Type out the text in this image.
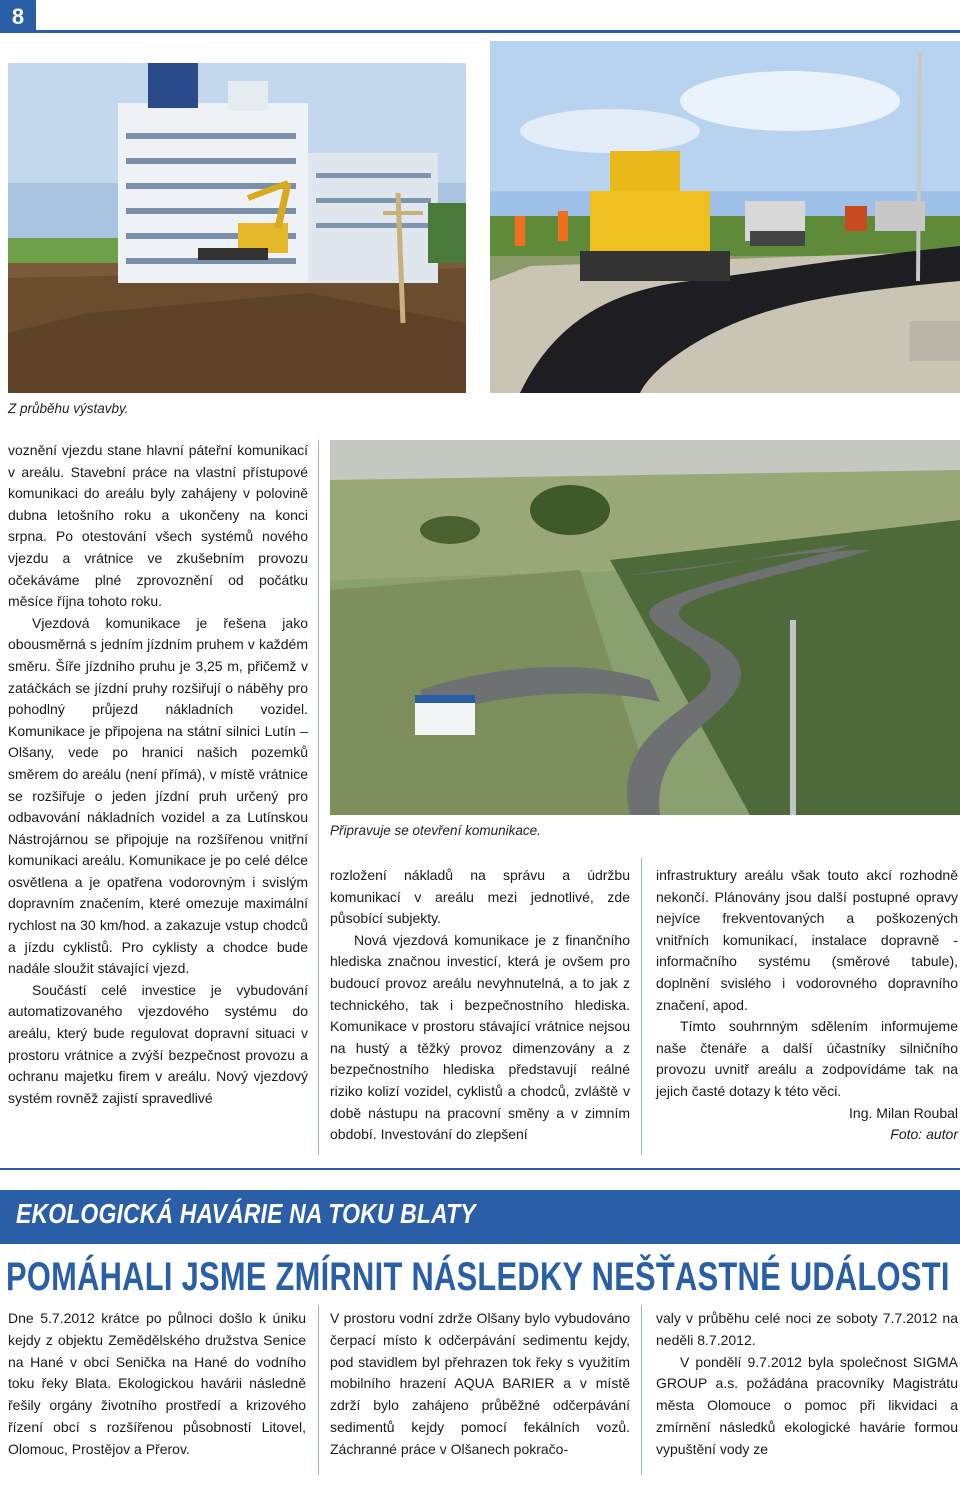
8
Z průběhu výstavby.

voznění vjezdu stane hlavní páteřní komunikací v areálu. Stavební práce na vlastní přístupové komunikaci do areálu byly zahájeny v polovině dubna letošního roku a ukončeny na konci srpna. Po otestování všech systémů nového vjezdu a vrátnice ve zkušebním provozu očekáváme plné zprovoznění od počátku měsíce října tohoto roku.

Vjezdová komunikace je řešena jako obousměrná s jedním jízdním pruhem v každém směru. Šíře jízdního pruhu je 3,25 m, přičemž v zatáčkách se jízdní pruhy rozšiřují o náběhy pro pohodlný průjezd nákladních vozidel. Komunikace je připojena na státní silnici Lutín – Olšany, vede po hranici našich pozemků směrem do areálu (není přímá), v místě vrátnice se rozšiřuje o jeden jízdní pruh určený pro odbavování nákladních vozidel a za Lutínskou Nástrojárnou se připojuje na rozšířenou vnitřní komunikaci areálu. Komunikace je po celé délce osvětlena a je opatřena vodorovným i svislým dopravním značením, které omezuje maximální rychlost na 30 km/hod. a zakazuje vstup chodců a jízdu cyklistů. Pro cyklisty a chodce bude nadále sloužit stávající vjezd.

Součástí celé investice je vybudování automatizovaného vjezdového systému do areálu, který bude regulovat dopravní situaci v prostoru vrátnice a zvýší bezpečnost provozu a ochranu majetku firem v areálu. Nový vjezdový systém rovněž zajistí spravedlivé

Připravuje se otevření komunikace.

rozložení nákladů na správu a údržbu komunikací v areálu mezi jednotlivé, zde působící subjekty.

Nová vjezdová komunikace je z finančního hlediska značnou investicí, která je ovšem pro budoucí provoz areálu nevyhnutelná, a to jak z technického, tak i bezpečnostního hlediska. Komunikace v prostoru stávající vrátnice nejsou na hustý a těžký provoz dimenzovány a z bezpečnostního hlediska představují reálné riziko kolizí vozidel, cyklistů a chodců, zvláště v době nástupu na pracovní směny a v zimním období. Investování do zlepšení

infrastruktury areálu však touto akcí rozhodně nekončí. Plánovány jsou další postupné opravy nejvíce frekventovaných a poškozených vnitřních komunikací, instalace dopravně - informačního systému (směrové tabule), doplnění svislého i vodorovného dopravního značení, apod.

Tímto souhrnným sdělením informujeme naše čtenáře a další účastníky silničního provozu uvnitř areálu a zodpovídáme tak na jejich časté dotazy k této věci.

Ing. Milan Roubal

Foto: autor

EKOLOGICKÁ HAVÁRIE NA TOKU BLATY
POMÁHALI JSME ZMÍRNIT NÁSLEDKY NEŠŤASTNÉ UDÁLOSTI

Dne 5.7.2012 krátce po půlnoci došlo k úniku kejdy z objektu Zemědělského družstva Senice na Hané v obci Senička na Hané do vodního toku řeky Blata. Ekologickou havárii následně řešily orgány životního prostředí a krizového řízení obcí s rozšířenou působností Litovel, Olomouc, Prostějov a Přerov.

V prostoru vodní zdrže Olšany bylo vybudováno čerpací místo k odčerpávání sedimentu kejdy, pod stavidlem byl přehrazen tok řeky s využitím mobilního hrazení AQUA BARIER a v místě zdrží bylo zahájeno průběžné odčerpávání sedimentů kejdy pomocí fekálních vozů. Záchranné práce v Olšanech pokračo-

valy v průběhu celé noci ze soboty 7.7.2012 na neděli 8.7.2012.

V pondělí 9.7.2012 byla společnost SIGMA GROUP a.s. požádána pracovníky Magistrátu města Olomouce o pomoc při likvidaci a zmírnění následků ekologické havárie formou vypuštění vody ze
